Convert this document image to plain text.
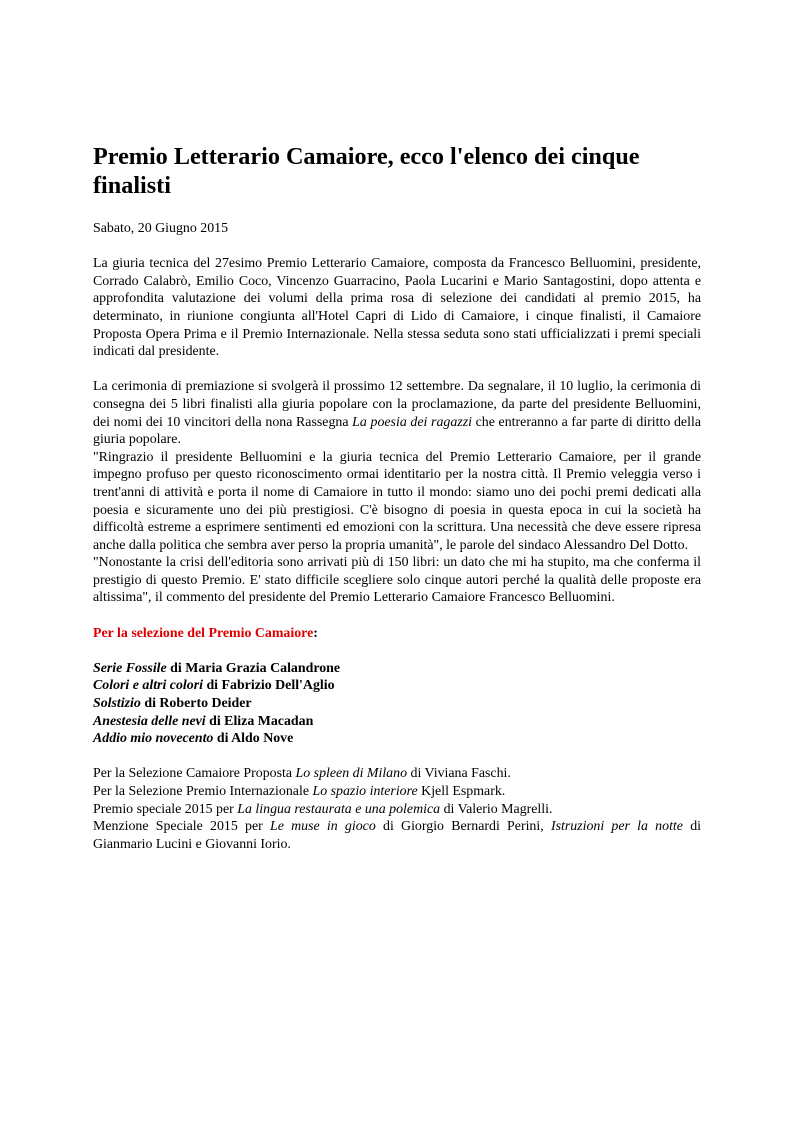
Premio Letterario Camaiore, ecco l'elenco dei cinque finalisti
Sabato, 20 Giugno 2015
La giuria tecnica del 27esimo Premio Letterario Camaiore, composta da Francesco Belluomini, presidente, Corrado Calabrò, Emilio Coco, Vincenzo Guarracino, Paola Lucarini e Mario Santagostini, dopo attenta e approfondita valutazione dei volumi della prima rosa di selezione dei candidati al premio 2015, ha determinato, in riunione congiunta all'Hotel Capri di Lido di Camaiore, i cinque finalisti, il Camaiore Proposta Opera Prima e il Premio Internazionale. Nella stessa seduta sono stati ufficializzati i premi speciali indicati dal presidente.
La cerimonia di premiazione si svolgerà il prossimo 12 settembre. Da segnalare, il 10 luglio, la cerimonia di consegna dei 5 libri finalisti alla giuria popolare con la proclamazione, da parte del presidente Belluomini, dei nomi dei 10 vincitori della nona Rassegna La poesia dei ragazzi che entreranno a far parte di diritto della giuria popolare.
"Ringrazio il presidente Belluomini e la giuria tecnica del Premio Letterario Camaiore, per il grande impegno profuso per questo riconoscimento ormai identitario per la nostra città. Il Premio veleggia verso i trent'anni di attività e porta il nome di Camaiore in tutto il mondo: siamo uno dei pochi premi dedicati alla poesia e sicuramente uno dei più prestigiosi. C'è bisogno di poesia in questa epoca in cui la società ha difficoltà estreme a esprimere sentimenti ed emozioni con la scrittura. Una necessità che deve essere ripresa anche dalla politica che sembra aver perso la propria umanità", le parole del sindaco Alessandro Del Dotto.
"Nonostante la crisi dell'editoria sono arrivati più di 150 libri: un dato che mi ha stupito, ma che conferma il prestigio di questo Premio. E' stato difficile scegliere solo cinque autori perché la qualità delle proposte era altissima", il commento del presidente del Premio Letterario Camaiore Francesco Belluomini.
Per la selezione del Premio Camaiore:
Serie Fossile di Maria Grazia Calandrone
Colori e altri colori di Fabrizio Dell'Aglio
Solstizio di Roberto Deider
Anestesia delle nevi di Eliza Macadan
Addio mio novecento di Aldo Nove
Per la Selezione Camaiore Proposta Lo spleen di Milano di Viviana Faschi.
Per la Selezione Premio Internazionale Lo spazio interiore Kjell Espmark.
Premio speciale 2015 per La lingua restaurata e una polemica di Valerio Magrelli.
Menzione Speciale 2015 per Le muse in gioco di Giorgio Bernardi Perini, Istruzioni per la notte di Gianmario Lucini e Giovanni Iorio.
